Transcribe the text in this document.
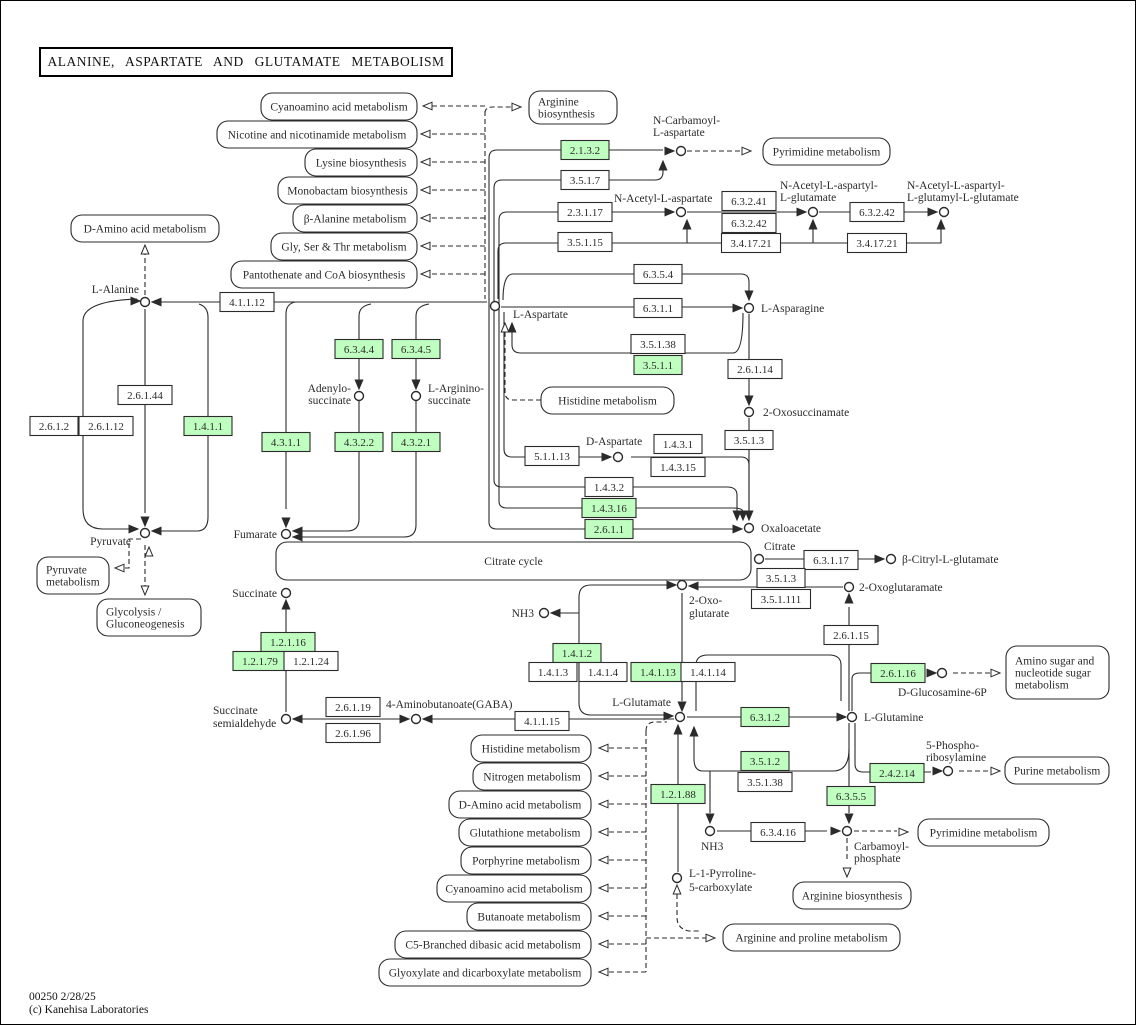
Cyanoamino acid metabolism
Nicotine and nicotinamide metabolism
Lysine biosynthesis
Monobactam biosynthesis
β-Alanine metabolism
Gly, Ser & Thr metabolism
Pantothenate and CoA biosynthesis
D-Amino acid metabolism
Arginine
biosynthesis
Pyrimidine metabolism
Histidine metabolism
Pyruvate
metabolism
Glycolysis /
Gluconeogenesis
Citrate cycle
Histidine metabolism
Nitrogen metabolism
D-Amino acid metabolism
Glutathione metabolism
Porphyrine metabolism
Cyanoamino acid metabolism
Butanoate metabolism
C5-Branched dibasic acid metabolism
Glyoxylate and dicarboxylate metabolism
Arginine and proline metabolism
Arginine biosynthesis
Pyrimidine metabolism
Purine metabolism
Amino sugar and
nucleotide sugar
metabolism
2.1.3.2
3.5.1.7
2.3.1.17
3.5.1.15
6.3.2.41
6.3.2.42
3.4.17.21
6.3.2.42
3.4.17.21
6.3.5.4
6.3.1.1
3.5.1.38
3.5.1.1	2.6.1.14
4.1.1.12
2.6.1.44
2.6.1.2 2.6.1.12	1.4.1.1
6.3.4.4 6.3.4.5
4.3.1.1	4.3.2.2 4.3.2.1
5.1.1.13
1.4.3.1
1.4.3.15
1.4.3.2
1.4.3.16
2.6.1.1
3.5.1.3
6.3.1.17
3.5.1.3
3.5.1.111
2.6.1.15
1.2.1.16
1.2.1.79 1.2.1.24
1.4.1.2
1.4.1.3 1.4.1.4 1.4.1.13 1.4.1.14
2.6.1.19
2.6.1.96
4.1.1.15	6.3.1.2
3.5.1.2
3.5.1.38
1.2.1.88	6.3.5.5
2.6.1.16
2.4.2.14
6.3.4.16
L-Alanine
L-Aspartate
N-Carbamoyl-
L-aspartate
N-Acetyl-L-aspartate
N-Acetyl-L-aspartyl-
L-glutamate
N-Acetyl-L-aspartyl-
L-glutamyl-L-glutamate
L-Asparagine
2-Oxosuccinamate
D-Aspartate
Oxaloacetate
Fumarate
Pyruvate
Succinate
Succinate
semialdehyde
4-Aminobutanoate(GABA)	L-Glutamate
2-Oxo-
glutarate
NH3
2-Oxoglutaramate
Citrate
β-Citryl-L-glutamate
L-Glutamine
D-Glucosamine-6P
5-Phospho-
ribosylamine
NH3	Carbamoyl-
phosphate
L-1-Pyrroline-
5-carboxylate
Adenylo-
succinate
L-Arginino-
succinate
ALANINE, ASPARTATE AND GLUTAMATE METABOLISM
00250 2/28/25
(c) Kanehisa Laboratories
